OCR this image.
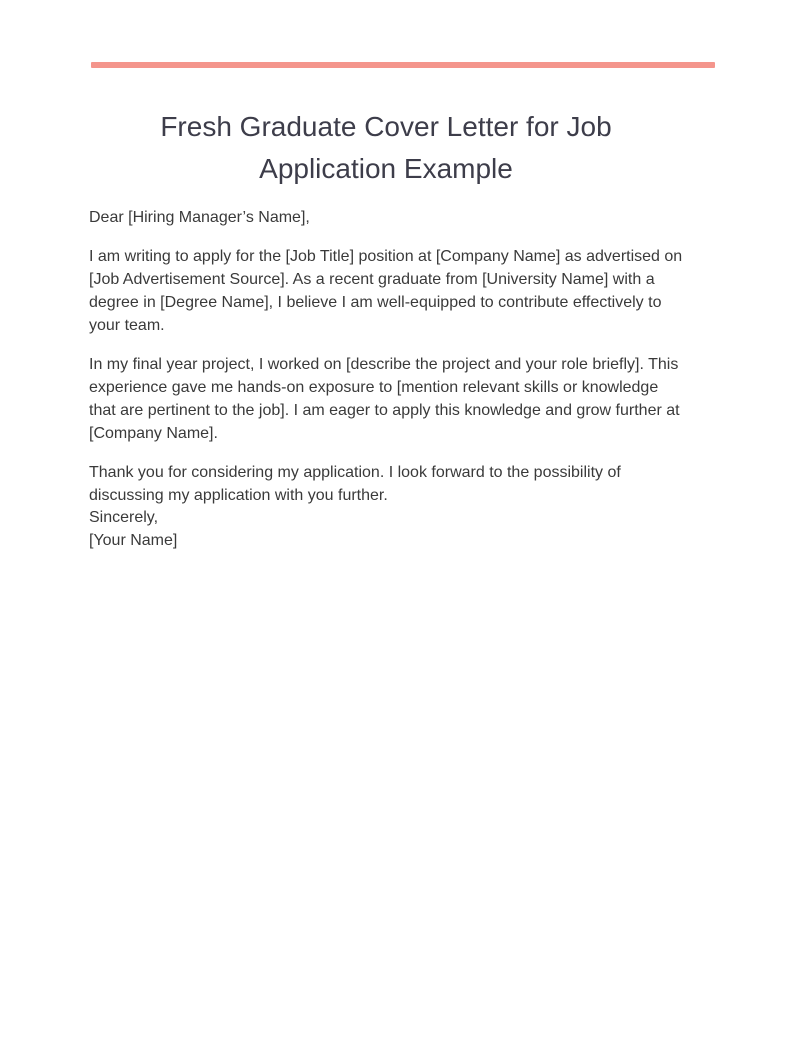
Fresh Graduate Cover Letter for Job Application Example

Dear [Hiring Manager’s Name],

I am writing to apply for the [Job Title] position at [Company Name] as advertised on [Job Advertisement Source]. As a recent graduate from [University Name] with a degree in [Degree Name], I believe I am well-equipped to contribute effectively to your team.

In my final year project, I worked on [describe the project and your role briefly]. This experience gave me hands-on exposure to [mention relevant skills or knowledge that are pertinent to the job]. I am eager to apply this knowledge and grow further at [Company Name].

Thank you for considering my application. I look forward to the possibility of discussing my application with you further.

Sincerely,
[Your Name]
